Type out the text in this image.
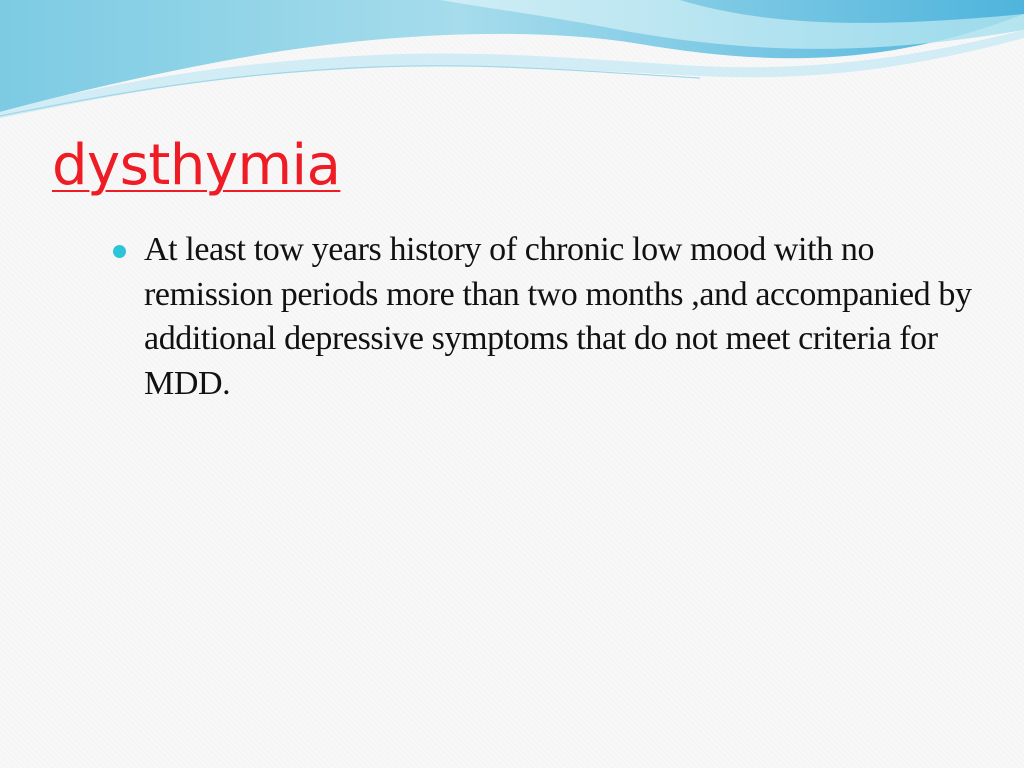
dysthymia
At least tow years history of chronic low mood with no remission periods more than two months ,and accompanied by additional depressive symptoms that do not meet criteria for MDD.
